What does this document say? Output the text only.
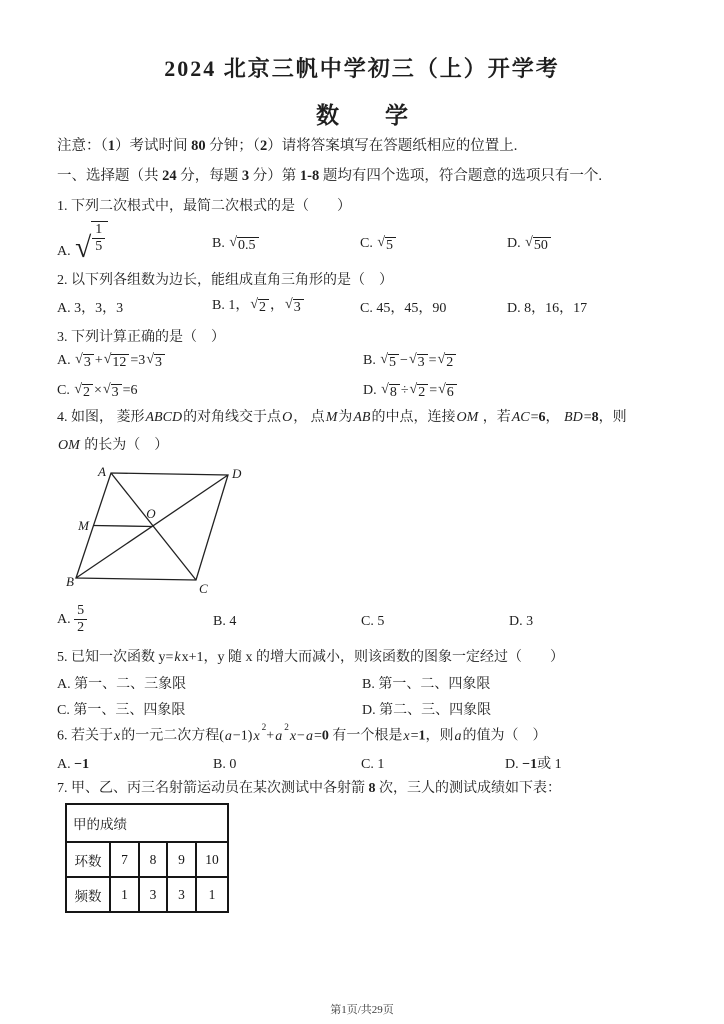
2024 北京三帆中学初三（上）开学考
数　　学
注意：（1）考试时间 80 分钟；（2）请将答案填写在答题纸相应的位置上.
一、选择题（共 24 分，每题 3 分）第 1-8 题均有四个选项，符合题意的选项只有一个.
1. 下列二次根式中，最简二次根式的是（　　）
A. √ $\frac{1}{5}$	B. √ 0.5	C. √ 5	D. √ 50
2. 以下列各组数为边长，能组成直角三角形的是（　）
A. 3，3，3	B. 1， √ 2 ， √ 3	C. 45，45，90	D. 8，16，17
3. 下列计算正确的是（　）
A. √ 3 + √ 12 =3 √ 3	B. √ 5 − √ 3 = √ 2
C. √ 2 × √ 3 =6	D. √ 8 ÷ √ 2 = √ 6
4. 如图， 菱形ABCD的对角线交于点O， 点M为AB的中点，连接OM ，若AC=6， BD=8，则
OM 的长为（　）
A	D
M
O
B	C
A. $\frac{5}{2}$	B. 4	C. 5	D. 3
5. 已知一次函数 y=kx+1，y 随 x 的增大而减小，则该函数的图象一定经过（　　）
A. 第一、二、三象限	B. 第一、二、四象限
C. 第一、三、四象限	D. 第二、三、四象限
6. 若关于x的一元二次方程$(a-1)x^2+a^2x-a=0$ 有一个根是x=1，则a的值为（　）
A. −1	B. 0	C. 1	D. −1或 1
7. 甲、乙、丙三名射箭运动员在某次测试中各射箭 8 次，三人的测试成绩如下表：
甲的成绩				
环数	7	8	9	10
频数	1	3	3	1
第1页/共29页
